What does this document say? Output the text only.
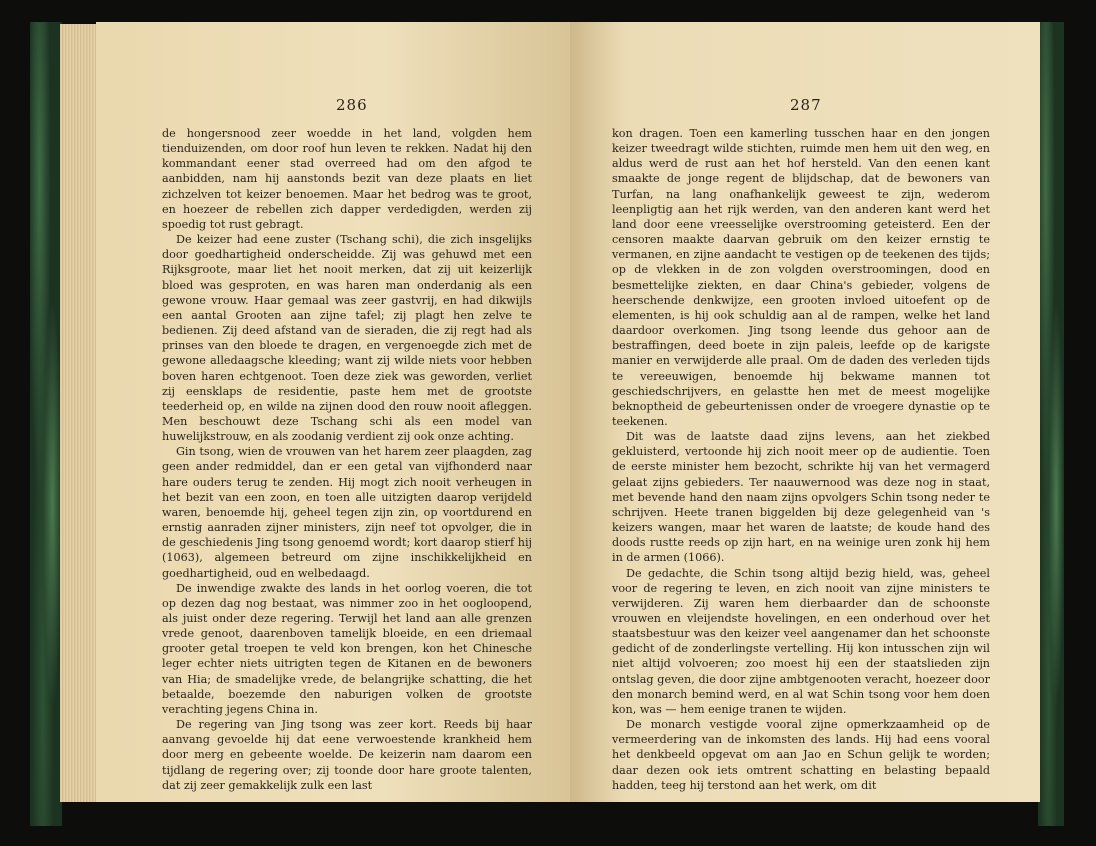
286

de hongersnood zeer woedde in het land, volgden hem tienduizenden, om door roof hun leven te rekken. Nadat hij den kommandant eener stad overreed had om den afgod te aanbidden, nam hij aanstonds bezit van deze plaats en liet zichzelven tot keizer benoemen. Maar het bedrog was te groot, en hoezeer de rebellen zich dapper verdedigden, werden zij spoedig tot rust gebragt.

De keizer had eene zuster (Tschang schi), die zich insgelijks door goedhartigheid onderscheidde. Zij was gehuwd met een Rijksgroote, maar liet het nooit merken, dat zij uit keizerlijk bloed was gesproten, en was haren man onderdanig als een gewone vrouw. Haar gemaal was zeer gastvrij, en had dikwijls een aantal Grooten aan zijne tafel; zij plagt hen zelve te bedienen. Zij deed afstand van de sieraden, die zij regt had als prinses van den bloede te dragen, en vergenoegde zich met de gewone alledaagsche kleeding; want zij wilde niets voor hebben boven haren echtgenoot. Toen deze ziek was geworden, verliet zij eensklaps de residentie, paste hem met de grootste teederheid op, en wilde na zijnen dood den rouw nooit afleggen. Men beschouwt deze Tschang schi als een model van huwelijkstrouw, en als zoodanig verdient zij ook onze achting.

Gin tsong, wien de vrouwen van het harem zeer plaagden, zag geen ander redmiddel, dan er een getal van vijfhonderd naar hare ouders terug te zenden. Hij mogt zich nooit verheugen in het bezit van een zoon, en toen alle uitzigten daarop verijdeld waren, benoemde hij, geheel tegen zijn zin, op voortdurend en ernstig aanraden zijner ministers, zijn neef tot opvolger, die in de geschiedenis Jing tsong genoemd wordt; kort daarop stierf hij (1063), algemeen betreurd om zijne inschikkelijkheid en goedhartigheid, oud en welbedaagd.

De inwendige zwakte des lands in het oorlog voeren, die tot op dezen dag nog bestaat, was nimmer zoo in het oogloopend, als juist onder deze regering. Terwijl het land aan alle grenzen vrede genoot, daarenboven tamelijk bloeide, en een driemaal grooter getal troepen te veld kon brengen, kon het Chinesche leger echter niets uitrigten tegen de Kitanen en de bewoners van Hia; de smadelijke vrede, de belangrijke schatting, die het betaalde, boezemde den naburigen volken de grootste verachting jegens China in.

De regering van Jing tsong was zeer kort. Reeds bij haar aanvang gevoelde hij dat eene verwoestende krankheid hem door merg en gebeente woelde. De keizerin nam daarom een tijdlang de regering over; zij toonde door hare groote talenten, dat zij zeer gemakkelijk zulk een last

287

kon dragen. Toen een kamerling tusschen haar en den jongen keizer tweedragt wilde stichten, ruimde men hem uit den weg, en aldus werd de rust aan het hof hersteld. Van den eenen kant smaakte de jonge regent de blijdschap, dat de bewoners van Turfan, na lang onafhankelijk geweest te zijn, wederom leenpligtig aan het rijk werden, van den anderen kant werd het land door eene vreesselijke overstrooming geteisterd. Een der censoren maakte daarvan gebruik om den keizer ernstig te vermanen, en zijne aandacht te vestigen op de teekenen des tijds; op de vlekken in de zon volgden overstroomingen, dood en besmettelijke ziekten, en daar China's gebieder, volgens de heerschende denkwijze, een grooten invloed uitoefent op de elementen, is hij ook schuldig aan al de rampen, welke het land daardoor overkomen. Jing tsong leende dus gehoor aan de bestraffingen, deed boete in zijn paleis, leefde op de karigste manier en verwijderde alle praal. Om de daden des verleden tijds te vereeuwigen, benoemde hij bekwame mannen tot geschiedschrijvers, en gelastte hen met de meest mogelijke beknoptheid de gebeurtenissen onder de vroegere dynastie op te teekenen.

Dit was de laatste daad zijns levens, aan het ziekbed gekluisterd, vertoonde hij zich nooit meer op de audientie. Toen de eerste minister hem bezocht, schrikte hij van het vermagerd gelaat zijns gebieders. Ter naauwernood was deze nog in staat, met bevende hand den naam zijns opvolgers Schin tsong neder te schrijven. Heete tranen biggelden bij deze gelegenheid van 's keizers wangen, maar het waren de laatste; de koude hand des doods rustte reeds op zijn hart, en na weinige uren zonk hij hem in de armen (1066).

De gedachte, die Schin tsong altijd bezig hield, was, geheel voor de regering te leven, en zich nooit van zijne ministers te verwijderen. Zij waren hem dierbaarder dan de schoonste vrouwen en vleijendste hovelingen, en een onderhoud over het staatsbestuur was den keizer veel aangenamer dan het schoonste gedicht of de zonderlingste vertelling. Hij kon intusschen zijn wil niet altijd volvoeren; zoo moest hij een der staatslieden zijn ontslag geven, die door zijne ambtgenooten veracht, hoezeer door den monarch bemind werd, en al wat Schin tsong voor hem doen kon, was — hem eenige tranen te wijden.

De monarch vestigde vooral zijne opmerkzaamheid op de vermeerdering van de inkomsten des lands. Hij had eens vooral het denkbeeld opgevat om aan Jao en Schun gelijk te worden; daar dezen ook iets omtrent schatting en belasting bepaald hadden, teeg hij terstond aan het werk, om dit
